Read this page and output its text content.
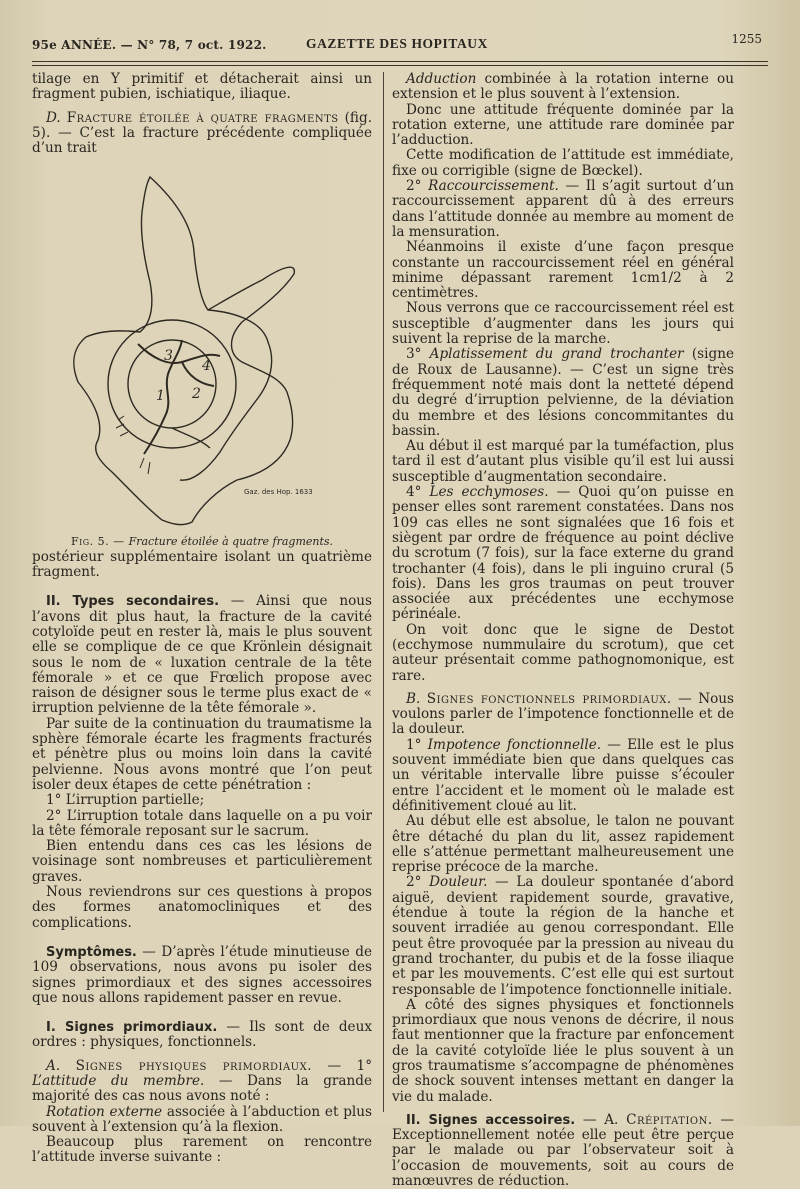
95e ANNÉE. — N° 78, 7 oct. 1922.	GAZETTE DES HOPITAUX	1255

tilage en Y primitif et détacherait ainsi un fragment pubien, ischiatique, iliaque.

D. Fracture étoilée à quatre fragments (fig. 5). — C’est la fracture précédente compliquée d’un trait

1 2
3
4
Gaz. des Hop. 1633

Fig. 5. — Fracture étoilée à quatre fragments.

postérieur supplémentaire isolant un quatrième fragment.

II. Types secondaires. — Ainsi que nous l’avons dit plus haut, la fracture de la cavité cotyloïde peut en rester là, mais le plus souvent elle se complique de ce que Krönlein désignait sous le nom de « luxation centrale de la tête fémorale » et ce que Frœlich propose avec raison de désigner sous le terme plus exact de « irruption pelvienne de la tête fémorale ».

Par suite de la continuation du traumatisme la sphère fémorale écarte les fragments fracturés et pénètre plus ou moins loin dans la cavité pelvienne. Nous avons montré que l’on peut isoler deux étapes de cette pénétration :

1° L’irruption partielle;

2° L’irruption totale dans laquelle on a pu voir la tête fémorale reposant sur le sacrum.

Bien entendu dans ces cas les lésions de voisinage sont nombreuses et particulièrement graves.

Nous reviendrons sur ces questions à propos des formes anatomocliniques et des complications.

Symptômes. — D’après l’étude minutieuse de 109 observations, nous avons pu isoler des signes primordiaux et des signes accessoires que nous allons rapidement passer en revue.

I. Signes primordiaux. — Ils sont de deux ordres : physiques, fonctionnels.

A. Signes physiques primordiaux. — 1° L’attitude du membre. — Dans la grande majorité des cas nous avons noté :

Rotation externe associée à l’abduction et plus souvent à l’extension qu’à la flexion.

Beaucoup plus rarement on rencontre l’attitude inverse suivante :

Adduction combinée à la rotation interne ou extension et le plus souvent à l’extension.

Donc une attitude fréquente dominée par la rotation externe, une attitude rare dominée par l’adduction.

Cette modification de l’attitude est immédiate, fixe ou corrigible (signe de Bœckel).

2° Raccourcissement. — Il s’agit surtout d’un raccourcissement apparent dû à des erreurs dans l’attitude donnée au membre au moment de la mensuration.

Néanmoins il existe d’une façon presque constante un raccourcissement réel en général minime dépassant rarement 1cm1/2 à 2 centimètres.

Nous verrons que ce raccourcissement réel est susceptible d’augmenter dans les jours qui suivent la reprise de la marche.

3° Aplatissement du grand trochanter (signe de Roux de Lausanne). — C’est un signe très fréquemment noté mais dont la netteté dépend du degré d’irruption pelvienne, de la déviation du membre et des lésions concommitantes du bassin.

Au début il est marqué par la tuméfaction, plus tard il est d’autant plus visible qu’il est lui aussi susceptible d’augmentation secondaire.

4° Les ecchymoses. — Quoi qu’on puisse en penser elles sont rarement constatées. Dans nos 109 cas elles ne sont signalées que 16 fois et siègent par ordre de fréquence au point déclive du scrotum (7 fois), sur la face externe du grand trochanter (4 fois), dans le pli inguino crural (5 fois). Dans les gros traumas on peut trouver associée aux précédentes une ecchymose périnéale.

On voit donc que le signe de Destot (ecchymose nummulaire du scrotum), que cet auteur présentait comme pathognomonique, est rare.

B. Signes fonctionnels primordiaux. — Nous voulons parler de l’impotence fonctionnelle et de la douleur.

1° Impotence fonctionnelle. — Elle est le plus souvent immédiate bien que dans quelques cas un véritable intervalle libre puisse s’écouler entre l’accident et le moment où le malade est définitivement cloué au lit.

Au début elle est absolue, le talon ne pouvant être détaché du plan du lit, assez rapidement elle s’atténue permettant malheureusement une reprise précoce de la marche.

2° Douleur. — La douleur spontanée d’abord aiguë, devient rapidement sourde, gravative, étendue à toute la région de la hanche et souvent irradiée au genou correspondant. Elle peut être provoquée par la pression au niveau du grand trochanter, du pubis et de la fosse iliaque et par les mouvements. C’est elle qui est surtout responsable de l’impotence fonctionnelle initiale.

A côté des signes physiques et fonctionnels primordiaux que nous venons de décrire, il nous faut mentionner que la fracture par enfoncement de la cavité cotyloïde liée le plus souvent à un gros traumatisme s’accompagne de phénomènes de shock souvent intenses mettant en danger la vie du malade.

II. Signes accessoires. — A. Crépitation. — Exceptionnellement notée elle peut être perçue par le malade ou par l’observateur soit à l’occasion de mouvements, soit au cours de manœuvres de réduction.
